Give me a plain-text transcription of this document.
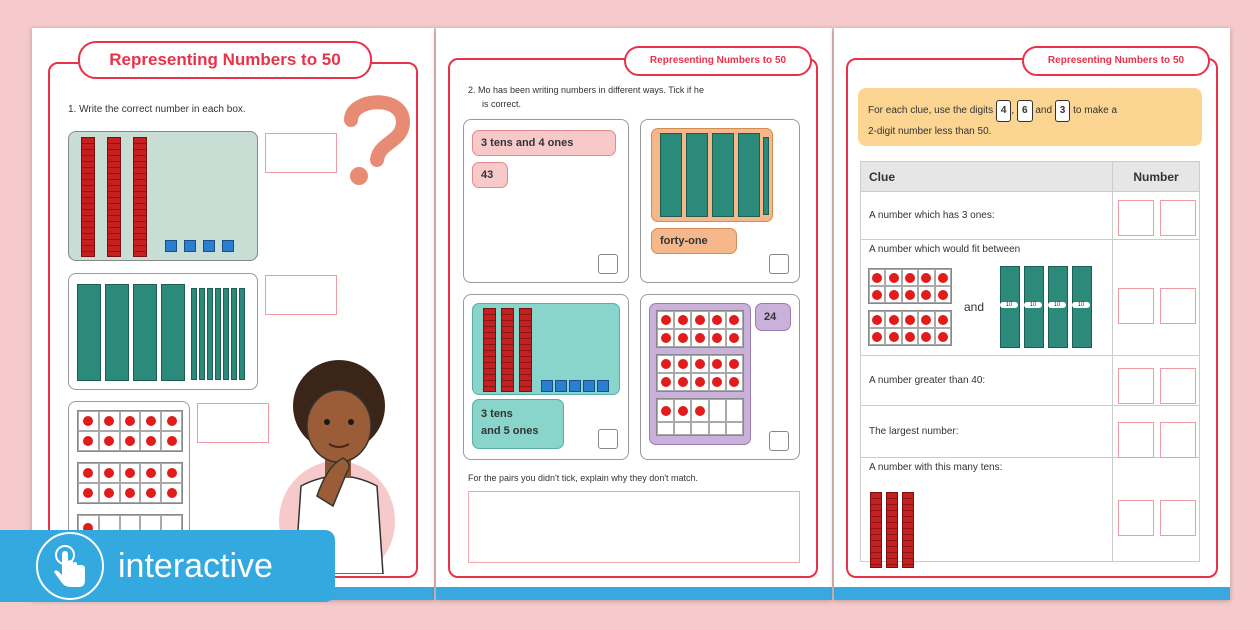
Representing Numbers to 50
1. Write the correct number in each box.
Representing Numbers to 50
2. Mo has been writing numbers in different ways. Tick if he
is correct.
3 tens and 4 ones
43
forty-one
3 tens
and 5 ones
24
For the pairs you didn't tick, explain why they don't match.
Representing Numbers to 50
For each clue, use the digits 4 , 6 and 3 to make a
2-digit number less than 50.
Clue	Number
A number which has 3 ones:	

A number which would fit between	

A number greater than 40:	
The largest number:	

A number with this many tens:	

and	10	10	10	10
interactive
